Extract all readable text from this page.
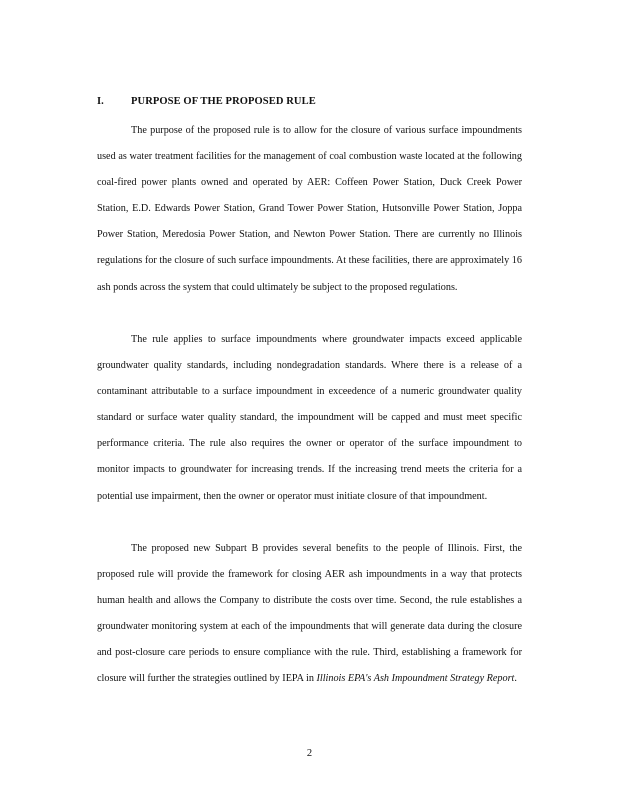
I.	PURPOSE OF THE PROPOSED RULE

The purpose of the proposed rule is to allow for the closure of various surface impoundments used as water treatment facilities for the management of coal combustion waste located at the following coal-fired power plants owned and operated by AER: Coffeen Power Station, Duck Creek Power Station, E.D. Edwards Power Station, Grand Tower Power Station, Hutsonville Power Station, Joppa Power Station, Meredosia Power Station, and Newton Power Station. There are currently no Illinois regulations for the closure of such surface impoundments. At these facilities, there are approximately 16 ash ponds across the system that could ultimately be subject to the proposed regulations.

The rule applies to surface impoundments where groundwater impacts exceed applicable groundwater quality standards, including nondegradation standards. Where there is a release of a contaminant attributable to a surface impoundment in exceedence of a numeric groundwater quality standard or surface water quality standard, the impoundment will be capped and must meet specific performance criteria. The rule also requires the owner or operator of the surface impoundment to monitor impacts to groundwater for increasing trends. If the increasing trend meets the criteria for a potential use impairment, then the owner or operator must initiate closure of that impoundment.

The proposed new Subpart B provides several benefits to the people of Illinois. First, the proposed rule will provide the framework for closing AER ash impoundments in a way that protects human health and allows the Company to distribute the costs over time. Second, the rule establishes a groundwater monitoring system at each of the impoundments that will generate data during the closure and post-closure care periods to ensure compliance with the rule. Third, establishing a framework for closure will further the strategies outlined by IEPA in Illinois EPA's Ash Impoundment Strategy Report.

2
